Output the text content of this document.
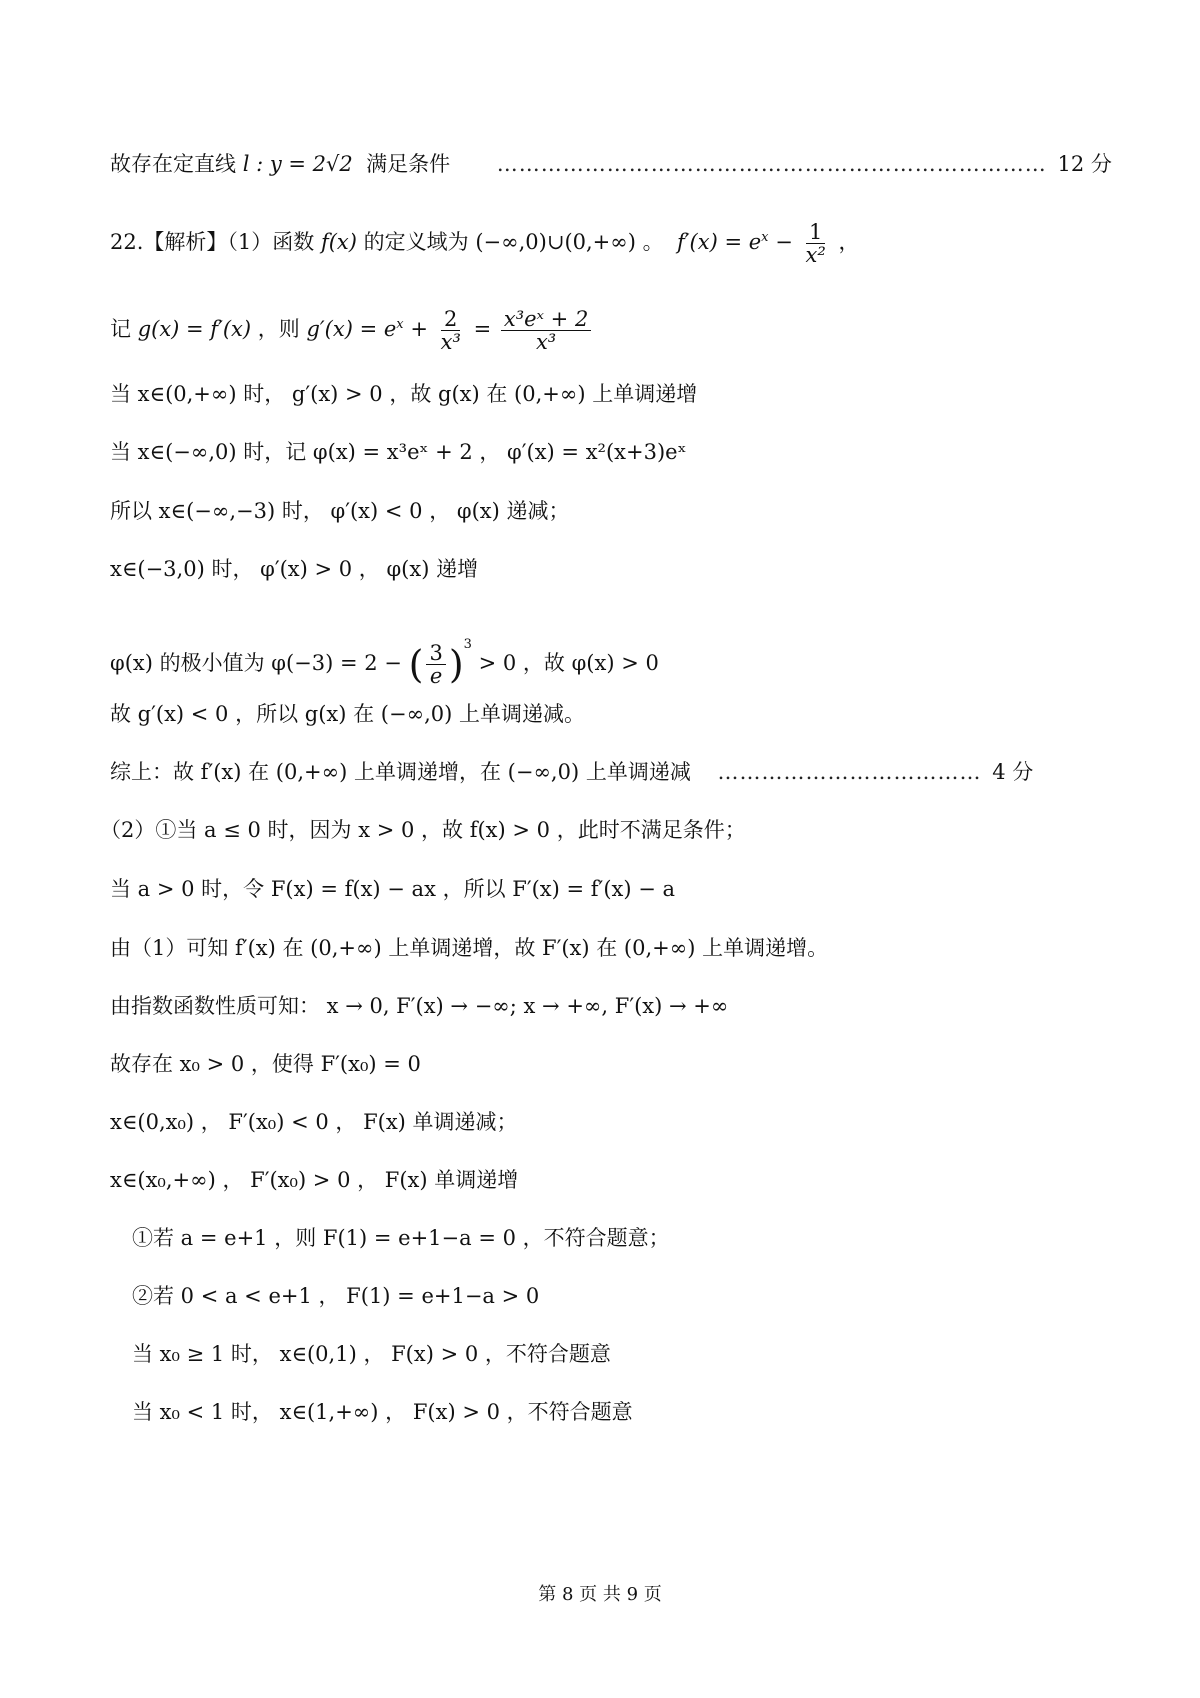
故存在定直线 l : y = 2√2 满足条件 ………………………………………………………………… 12 分
22.【解析】（1）函数 f(x) 的定义域为 (−∞,0)∪(0,+∞) 。 $f'(x) = e^x - \frac{1}{\text{x²}}$ ，
记 g(x) = f′(x) ，则 $g'(x) = e^x + \frac{2}{\text{x³}} = \frac{\text{x³eˣ + 2}}{\text{x³}}$
当 x∈(0,+∞) 时， g′(x) > 0 ，故 g(x) 在 (0,+∞) 上单调递增
当 x∈(−∞,0) 时，记 φ(x) = x³eˣ + 2 ， φ′(x) = x²(x+3)eˣ
所以 x∈(−∞,−3) 时， φ′(x) < 0 ， φ(x) 递减；
x∈(−3,0) 时， φ′(x) > 0 ， φ(x) 递增
φ(x) 的极小值为 φ(−3) = 2 − ( $\frac{3}{e} )^3 > 0$ ，故 φ(x) > 0
故 g′(x) < 0 ，所以 g(x) 在 (−∞,0) 上单调递减。
综上：故 f′(x) 在 (0,+∞) 上单调递增，在 (−∞,0) 上单调递减 ……………………………… 4 分
（2）①当 a ≤ 0 时，因为 x > 0 ，故 f(x) > 0 ，此时不满足条件；
当 a > 0 时，令 F(x) = f(x) − ax ，所以 F′(x) = f′(x) − a
由（1）可知 f′(x) 在 (0,+∞) 上单调递增，故 F′(x) 在 (0,+∞) 上单调递增。
由指数函数性质可知： x → 0, F′(x) → −∞; x → +∞, F′(x) → +∞
故存在 x₀ > 0 ，使得 F′(x₀) = 0
x∈(0,x₀) ， F′(x₀) < 0 ， F(x) 单调递减；
x∈(x₀,+∞) ， F′(x₀) > 0 ， F(x) 单调递增
①若 a = e+1 ，则 F(1) = e+1−a = 0 ，不符合题意；
②若 0 < a < e+1 ， F(1) = e+1−a > 0
当 x₀ ≥ 1 时， x∈(0,1) ， F(x) > 0 ，不符合题意
当 x₀ < 1 时， x∈(1,+∞) ， F(x) > 0 ，不符合题意
第 8 页 共 9 页
